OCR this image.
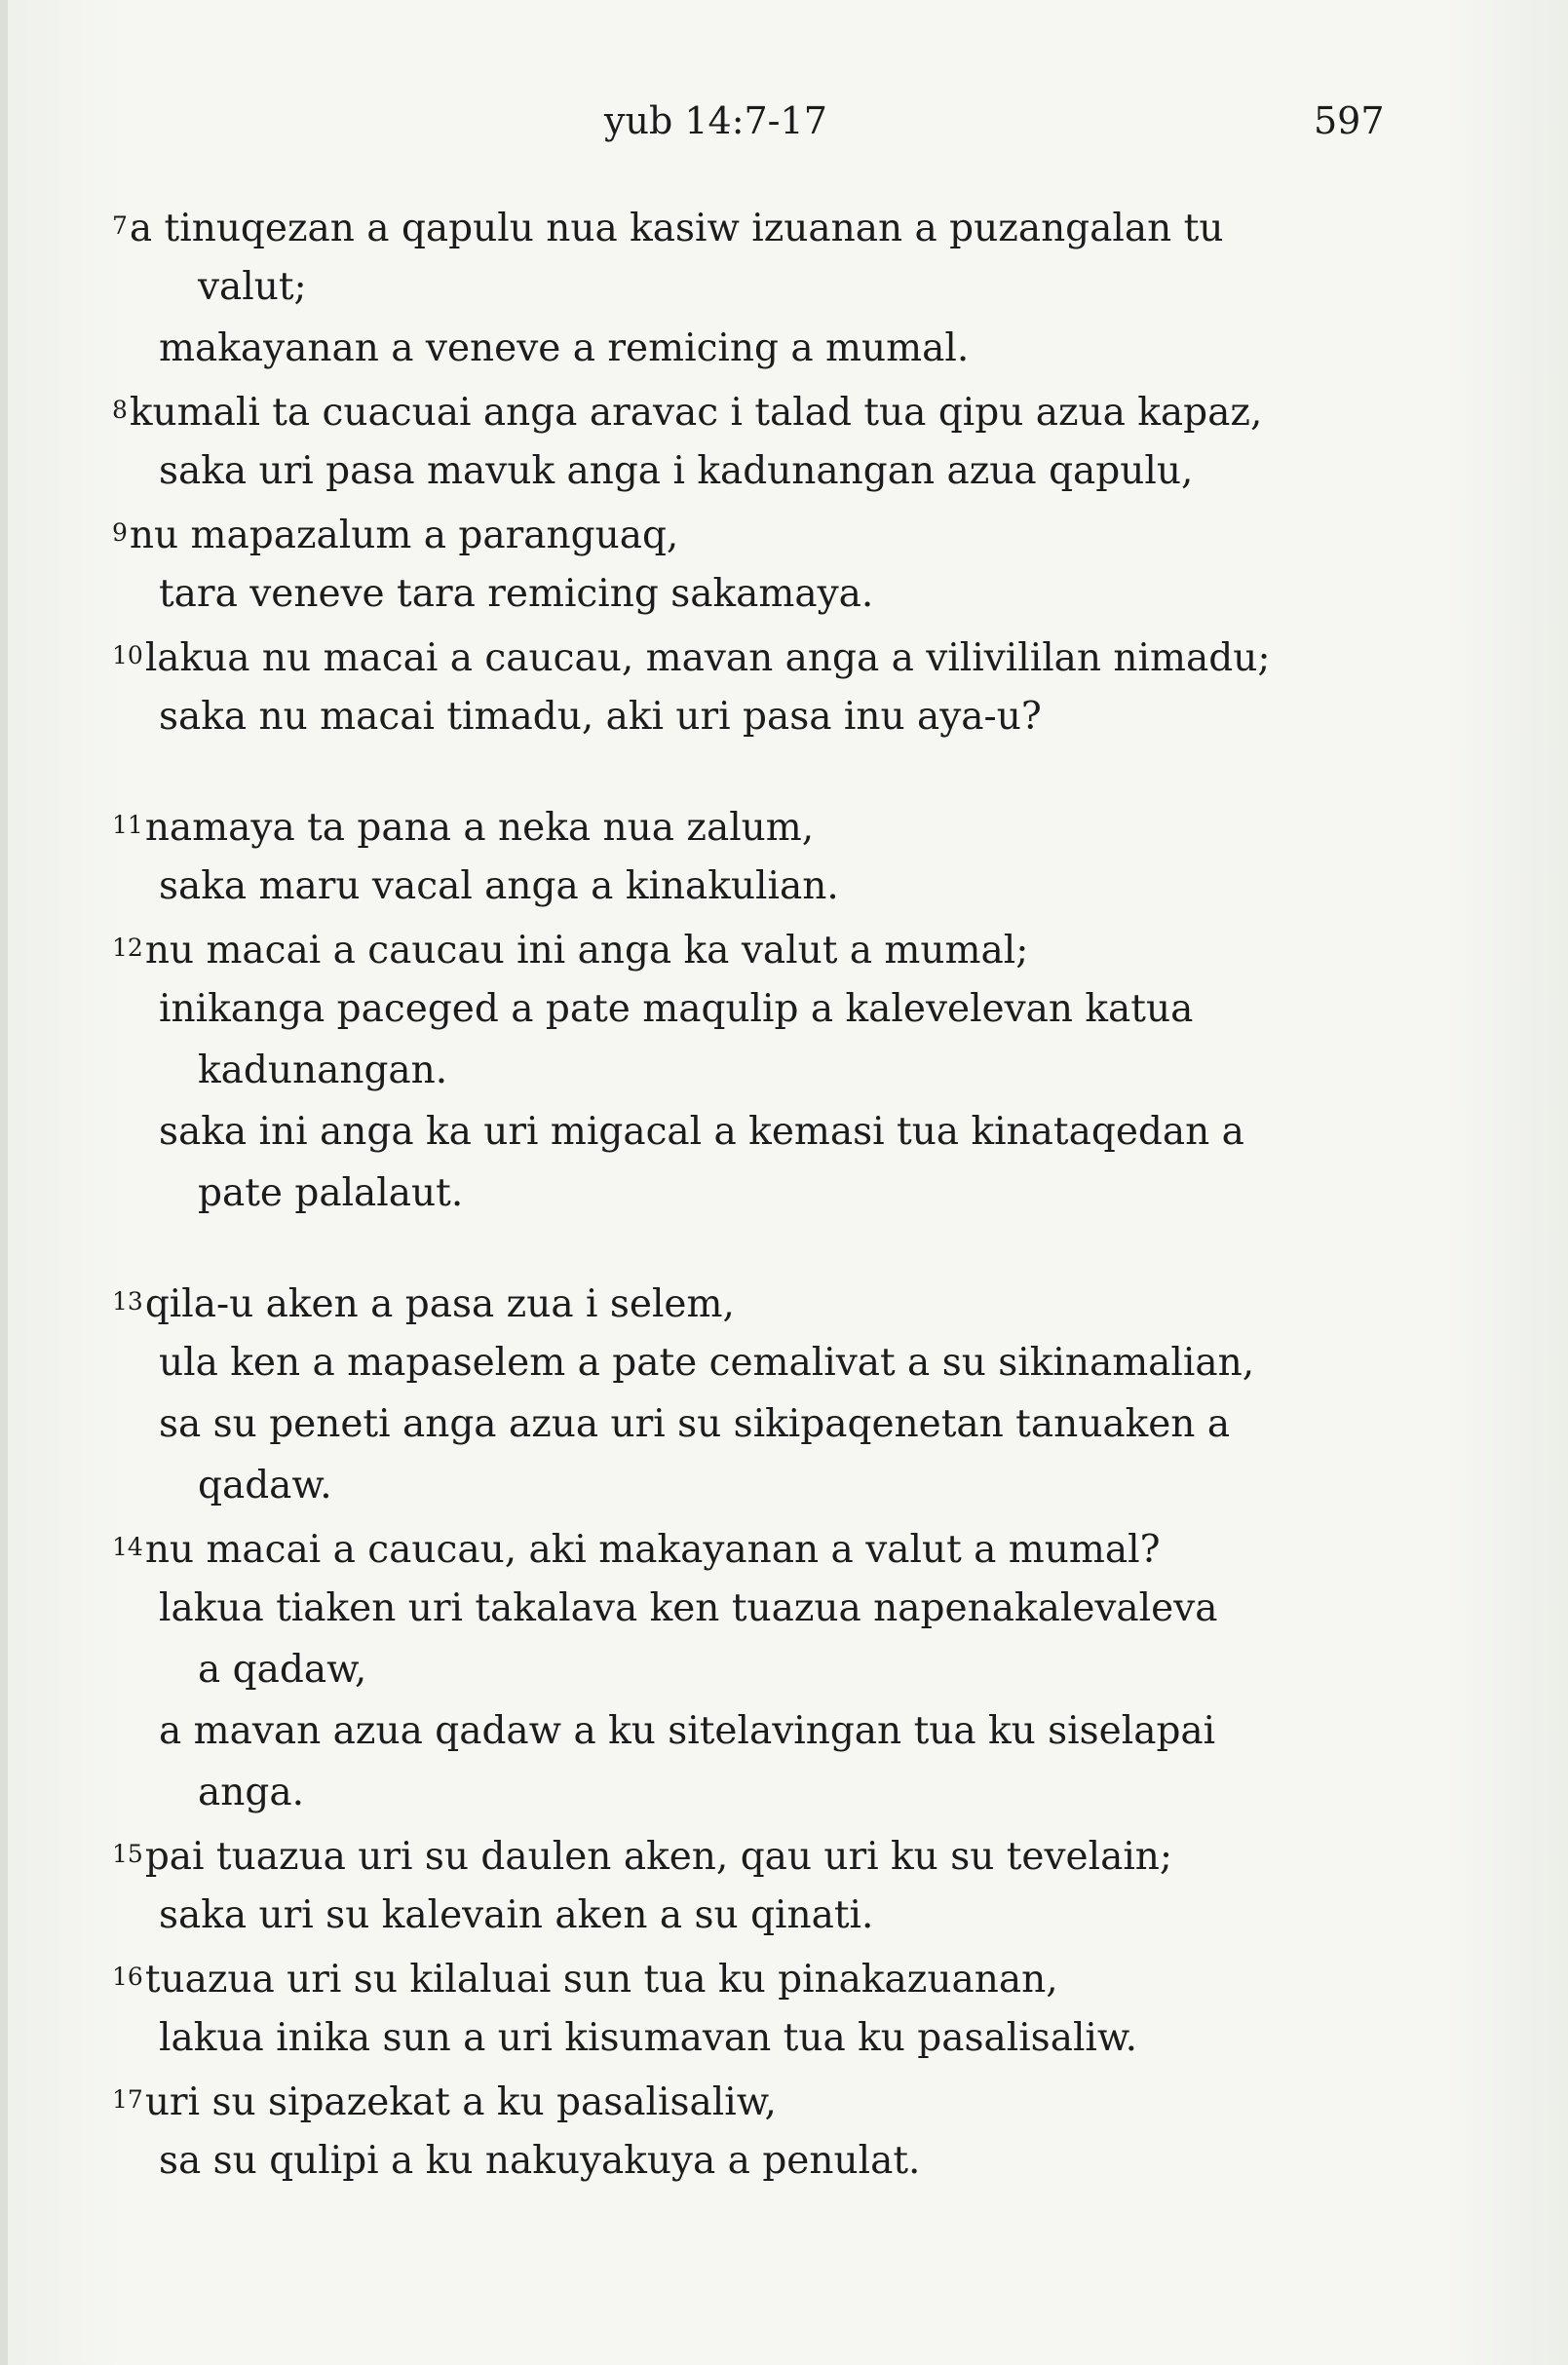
yub 14:7-17	597
$^7$a tinuqezan a qapulu nua kasiw izuanan a puzangalan tu
valut;
makayanan a veneve a remicing a mumal.
$^8$kumali ta cuacuai anga aravac i talad tua qipu azua kapaz,
saka uri pasa mavuk anga i kadunangan azua qapulu,
$^9$nu mapazalum a paranguaq,
tara veneve tara remicing sakamaya.
$^{10}$lakua nu macai a caucau, mavan anga a vilivililan nimadu;
saka nu macai timadu, aki uri pasa inu aya-u?
$^{11}$namaya ta pana a neka nua zalum,
saka maru vacal anga a kinakulian.
$^{12}$nu macai a caucau ini anga ka valut a mumal;
inikanga paceged a pate maqulip a kalevelevan katua
kadunangan.
saka ini anga ka uri migacal a kemasi tua kinataqedan a
pate palalaut.
$^{13}$qila-u aken a pasa zua i selem,
ula ken a mapaselem a pate cemalivat a su sikinamalian,
sa su peneti anga azua uri su sikipaqenetan tanuaken a
qadaw.
$^{14}$nu macai a caucau, aki makayanan a valut a mumal?
lakua tiaken uri takalava ken tuazua napenakalevaleva
a qadaw,
a mavan azua qadaw a ku sitelavingan tua ku siselapai
anga.
$^{15}$pai tuazua uri su daulen aken, qau uri ku su tevelain;
saka uri su kalevain aken a su qinati.
$^{16}$tuazua uri su kilaluai sun tua ku pinakazuanan,
lakua inika sun a uri kisumavan tua ku pasalisaliw.
$^{17}$uri su sipazekat a ku pasalisaliw,
sa su qulipi a ku nakuyakuya a penulat.
